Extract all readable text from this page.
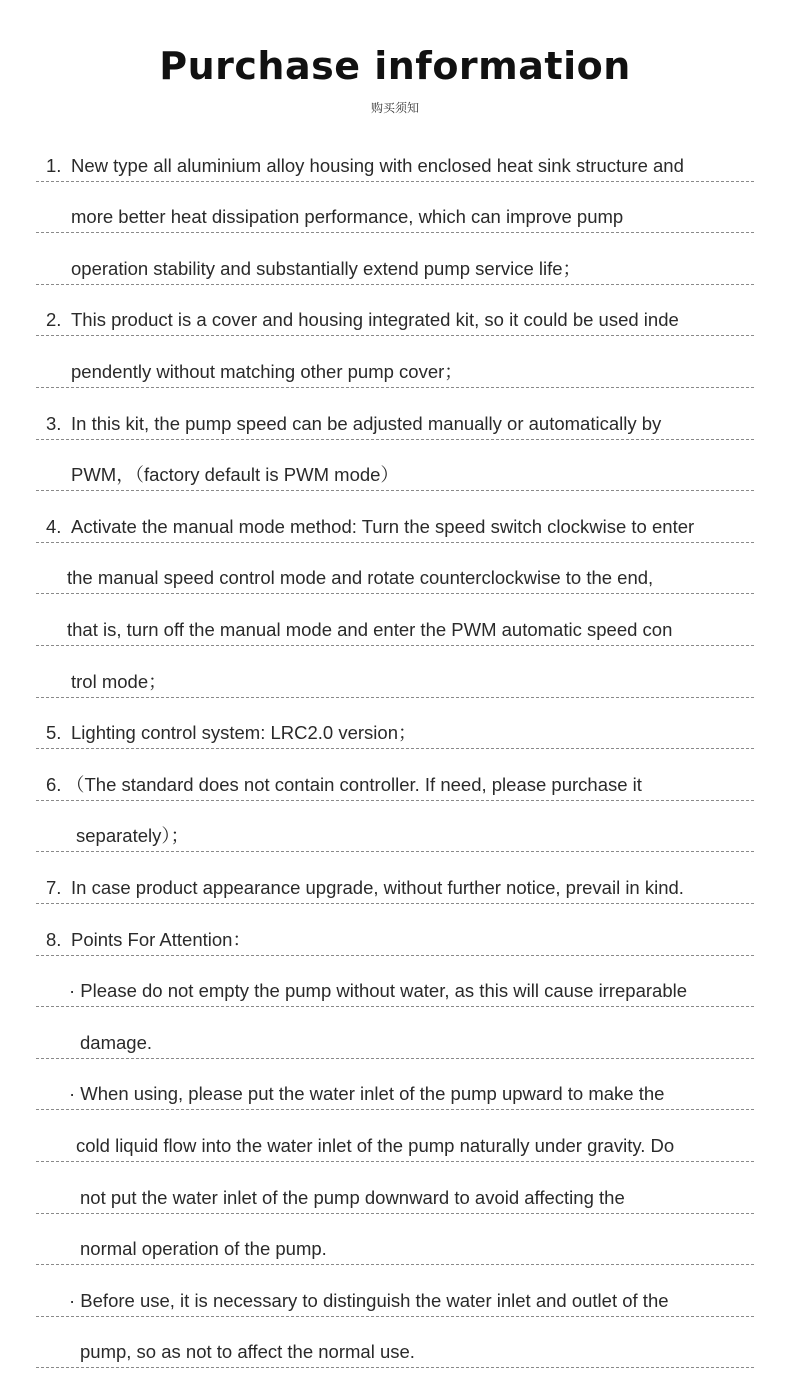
Purchase information
购买须知
1. New type all aluminium alloy housing with enclosed heat sink structure and
more better heat dissipation performance, which can improve pump
operation stability and substantially extend pump service life；
2. This product is a cover and housing integrated kit, so it could be used inde
pendently without matching other pump cover；
3. In this kit, the pump speed can be adjusted manually or automatically by
PWM，（factory default is PWM mode）
4. Activate the manual mode method: Turn the speed switch clockwise to enter
the manual speed control mode and rotate counterclockwise to the end,
that is, turn off the manual mode and enter the PWM automatic speed con
trol mode；
5. Lighting control system: LRC2.0 version；
6. （The standard does not contain controller. If need, please purchase it
separately）；
7. In case product appearance upgrade, without further notice, prevail in kind.
8. Points For Attention：
· Please do not empty the pump without water, as this will cause irreparable
damage.
· When using, please put the water inlet of the pump upward to make the
cold liquid flow into the water inlet of the pump naturally under gravity. Do
not put the water inlet of the pump downward to avoid affecting the
normal operation of the pump.
· Before use, it is necessary to distinguish the water inlet and outlet of the
pump, so as not to affect the normal use.
